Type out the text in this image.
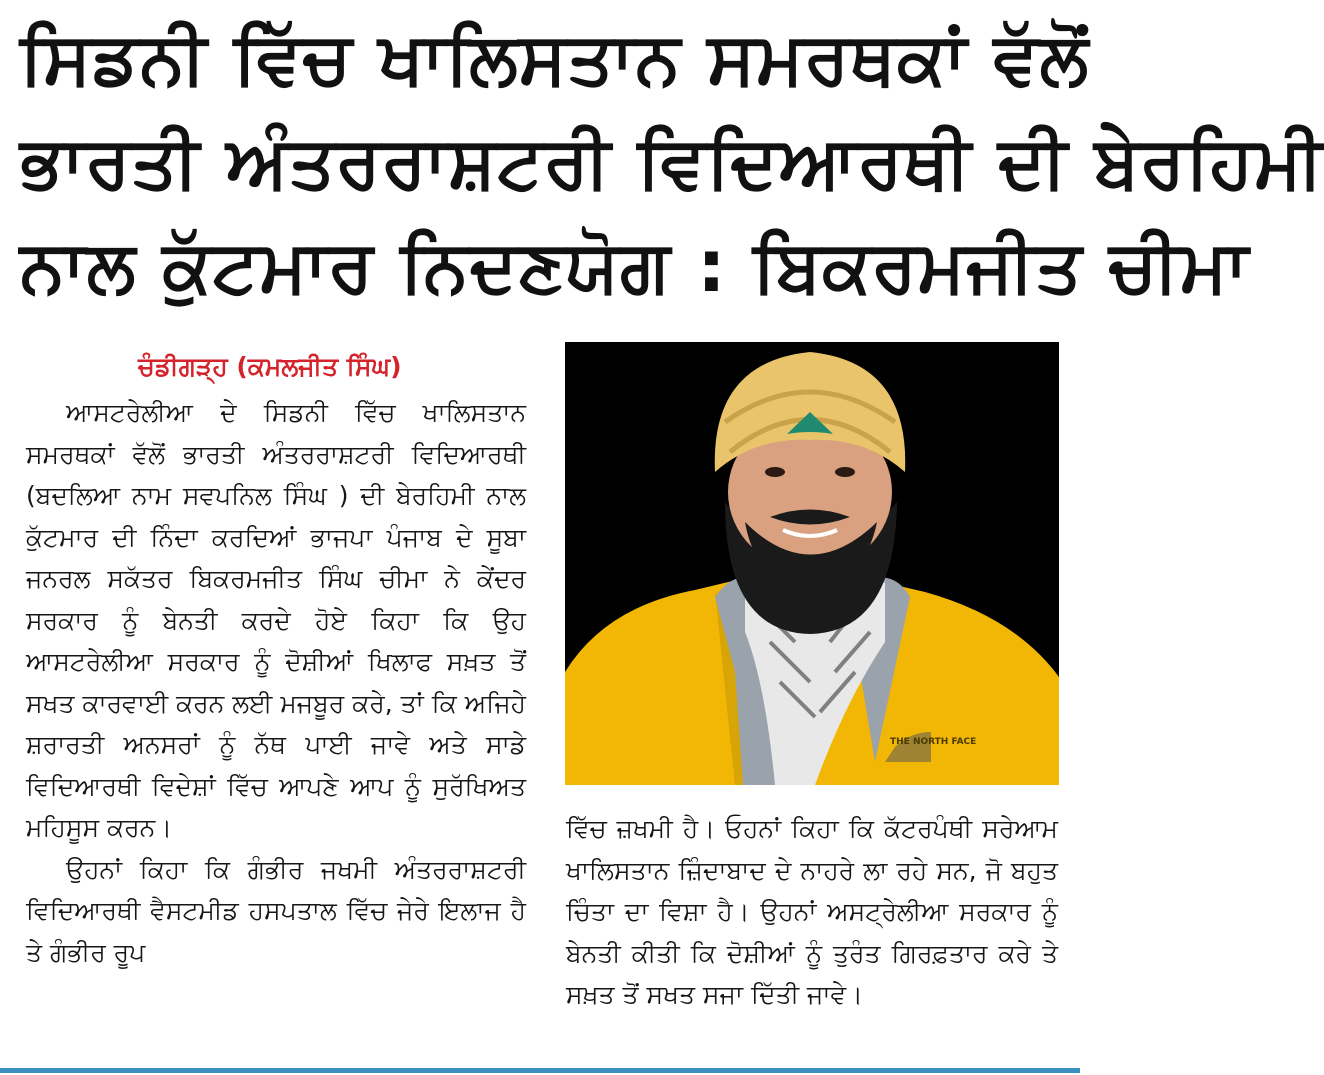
ਸਿਡਨੀ ਵਿੱਚ ਖਾਲਿਸਤਾਨ ਸਮਰਥਕਾਂ ਵੱਲੋਂ
ਭਾਰਤੀ ਅੰਤਰਰਾਸ਼ਟਰੀ ਵਿਦਿਆਰਥੀ ਦੀ ਬੇਰਹਿਮੀ
ਨਾਲ ਕੁੱਟਮਾਰ ਨਿਦਣਯੋਗ : ਬਿਕਰਮਜੀਤ ਚੀਮਾ
ਚੰਡੀਗੜ੍ਹ (ਕਮਲਜੀਤ ਸਿੰਘ)

ਆਸਟਰੇਲੀਆ ਦੇ ਸਿਡਨੀ ਵਿੱਚ ਖਾਲਿਸਤਾਨ ਸਮਰਥਕਾਂ ਵੱਲੋਂ ਭਾਰਤੀ ਅੰਤਰਰਾਸ਼ਟਰੀ ਵਿਦਿਆਰਥੀ (ਬਦਲਿਆ ਨਾਮ ਸਵਪਨਿਲ ਸਿੰਘ ) ਦੀ ਬੇਰਹਿਮੀ ਨਾਲ ਕੁੱਟਮਾਰ ਦੀ ਨਿੰਦਾ ਕਰਦਿਆਂ ਭਾਜਪਾ ਪੰਜਾਬ ਦੇ ਸੂਬਾ ਜਨਰਲ ਸਕੱਤਰ ਬਿਕਰਮਜੀਤ ਸਿੰਘ ਚੀਮਾ ਨੇ ਕੇਂਦਰ ਸਰਕਾਰ ਨੂੰ ਬੇਨਤੀ ਕਰਦੇ ਹੋਏ ਕਿਹਾ ਕਿ ਉਹ ਆਸਟਰੇਲੀਆ ਸਰਕਾਰ ਨੂੰ ਦੋਸ਼ੀਆਂ ਖਿਲਾਫ ਸਖ਼ਤ ਤੋਂ ਸਖਤ ਕਾਰਵਾਈ ਕਰਨ ਲਈ ਮਜਬੂਰ ਕਰੇ, ਤਾਂ ਕਿ ਅਜਿਹੇ ਸ਼ਰਾਰਤੀ ਅਨਸਰਾਂ ਨੂੰ ਨੱਥ ਪਾਈ ਜਾਵੇ ਅਤੇ ਸਾਡੇ ਵਿਦਿਆਰਥੀ ਵਿਦੇਸ਼ਾਂ ਵਿੱਚ ਆਪਣੇ ਆਪ ਨੂੰ ਸੁਰੱਖਿਅਤ ਮਹਿਸੂਸ ਕਰਨ।

ਉਹਨਾਂ ਕਿਹਾ ਕਿ ਗੰਭੀਰ ਜਖਮੀ ਅੰਤਰਰਾਸ਼ਟਰੀ ਵਿਦਿਆਰਥੀ ਵੈਸਟਮੀਡ ਹਸਪਤਾਲ ਵਿੱਚ ਜੇਰੇ ਇਲਾਜ ਹੈ ਤੇ ਗੰਭੀਰ ਰੂਪ

THE NORTH FACE

ਵਿੱਚ ਜ਼ਖਮੀ ਹੈ। ਓਹਨਾਂ ਕਿਹਾ ਕਿ ਕੱਟਰਪੰਥੀ ਸਰੇਆਮ ਖਾਲਿਸਤਾਨ ਜ਼ਿੰਦਾਬਾਦ ਦੇ ਨਾਹਰੇ ਲਾ ਰਹੇ ਸਨ, ਜੋ ਬਹੁਤ ਚਿੰਤਾ ਦਾ ਵਿਸ਼ਾ ਹੈ। ਉਹਨਾਂ ਅਸਟ੍ਰੇਲੀਆ ਸਰਕਾਰ ਨੂੰ ਬੇਨਤੀ ਕੀਤੀ ਕਿ ਦੋਸ਼ੀਆਂ ਨੂੰ ਤੁਰੰਤ ਗਿਰਫ਼ਤਾਰ ਕਰੇ ਤੇ ਸਖ਼ਤ ਤੋਂ ਸਖਤ ਸਜਾ ਦਿੱਤੀ ਜਾਵੇ।
